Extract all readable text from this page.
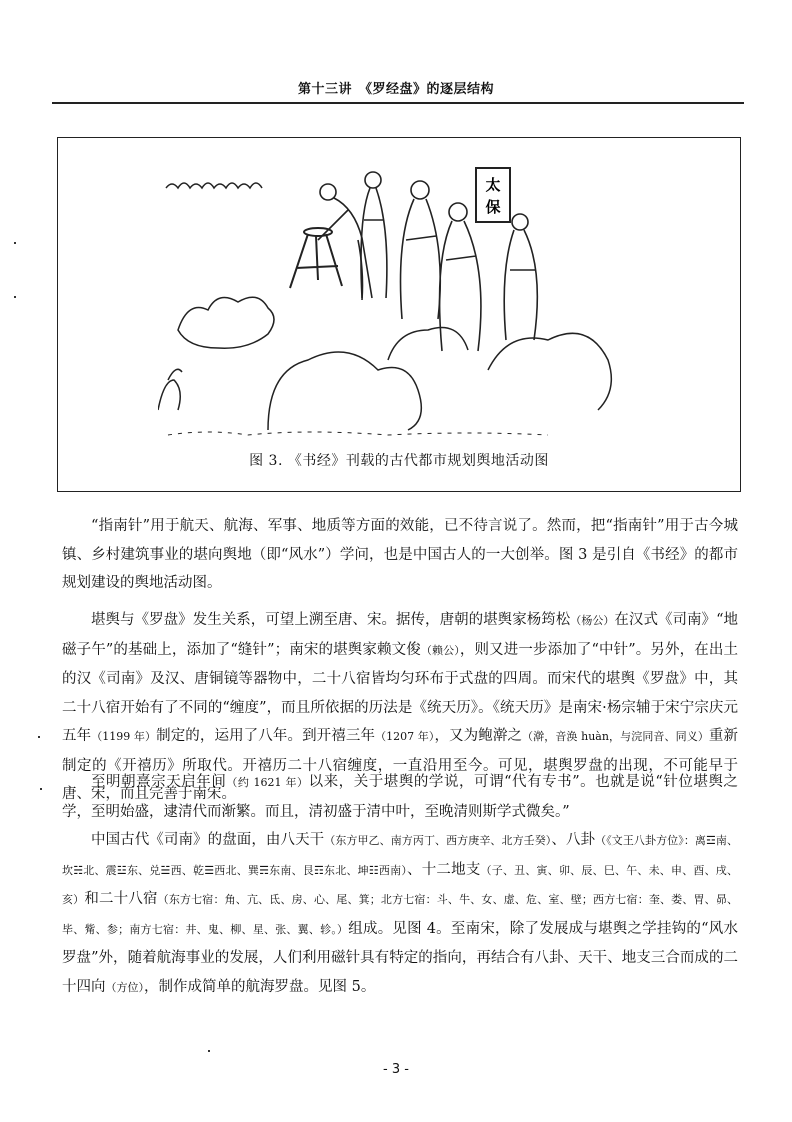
第十三讲　《罗经盘》的逐层结构
太
保
图 3. 《书经》刊载的古代都市规划舆地活动图

“指南针”用于航天、航海、军事、地质等方面的效能，已不待言说了。然而，把“指南针”用于古今城镇、乡村建筑事业的堪向舆地（即“风水”）学问，也是中国古人的一大创举。图 3 是引自《书经》的都市规划建设的舆地活动图。

堪舆与《罗盘》发生关系，可望上溯至唐、宋。据传，唐朝的堪舆家杨筠松（杨公）在汉式《司南》“地磁子午”的基础上，添加了“缝针”；南宋的堪舆家赖文俊（赖公），则又进一步添加了“中针”。另外，在出土的汉《司南》及汉、唐铜镜等器物中，二十八宿皆均匀环布于式盘的四周。而宋代的堪舆《罗盘》中，其二十八宿开始有了不同的“缠度”，而且所依据的历法是《统天历》。《统天历》是南宋·杨宗辅于宋宁宗庆元五年（1199 年）制定的，运用了八年。到开禧三年（1207 年），又为鲍澣之（澣，音涣 huàn，与浣同音、同义）重新制定的《开禧历》所取代。开禧历二十八宿缠度，一直沿用至今。可见，堪舆罗盘的出现，不可能早于唐、宋，而且完善于南宋。

至明朝熹宗天启年间（约 1621 年）以来，关于堪舆的学说，可谓“代有专书”。也就是说“针位堪舆之学，至明始盛，逮清代而渐繁。而且，清初盛于清中叶，至晚清则斯学式微矣。”

中国古代《司南》的盘面，由八天干（东方甲乙、南方丙丁、西方庚辛、北方壬癸）、八卦（《文王八卦方位》：离☲南、坎☵北、震☳东、兑☱西、乾☰西北、巽☴东南、艮☶东北、坤☷西南）、十二地支（子、丑、寅、卯、辰、巳、午、未、申、酉、戌、亥）和二十八宿（东方七宿：角、亢、氐、房、心、尾、箕；北方七宿：斗、牛、女、虚、危、室、壁；西方七宿：奎、娄、胃、昴、毕、觜、参；南方七宿：井、鬼、柳、星、张、翼、轸。）组成。见图 4。至南宋，除了发展成与堪舆之学挂钩的“风水罗盘”外，随着航海事业的发展，人们利用磁针具有特定的指向，再结合有八卦、天干、地支三合而成的二十四向（方位），制作成简单的航海罗盘。见图 5。

- 3 -
